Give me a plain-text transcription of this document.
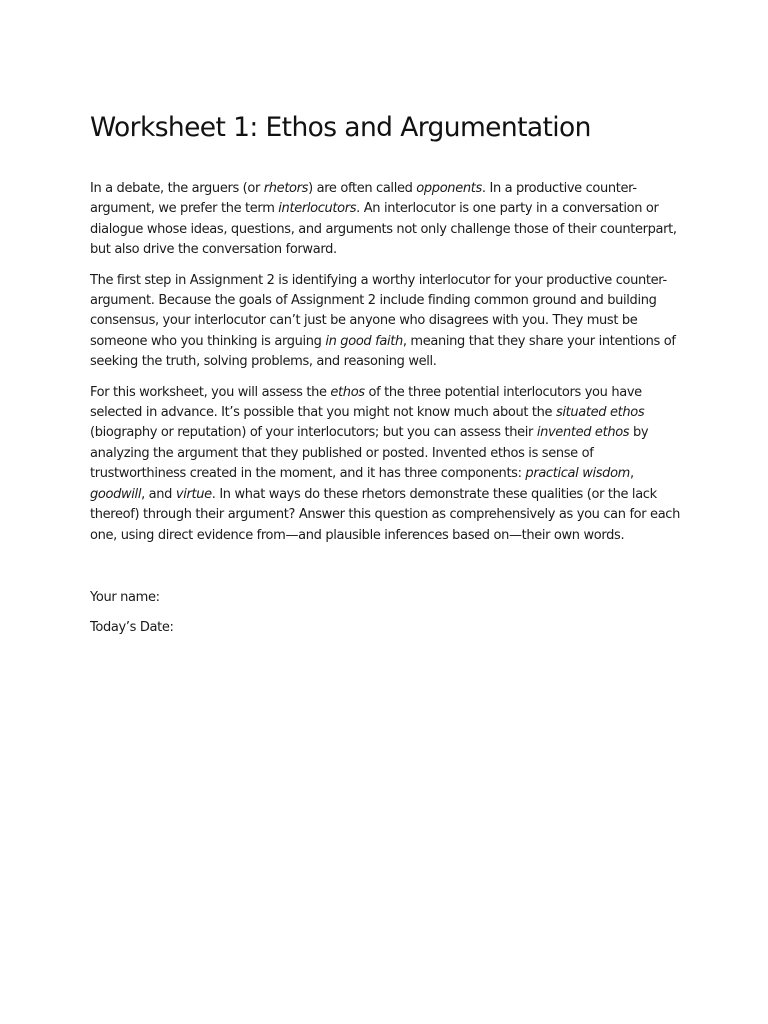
Worksheet 1: Ethos and Argumentation

In a debate, the arguers (or rhetors) are often called opponents. In a productive counter-argument, we prefer the term interlocutors. An interlocutor is one party in a conversation or dialogue whose ideas, questions, and arguments not only challenge those of their counterpart, but also drive the conversation forward.

The first step in Assignment 2 is identifying a worthy interlocutor for your productive counter-argument. Because the goals of Assignment 2 include finding common ground and building consensus, your interlocutor can’t just be anyone who disagrees with you. They must be someone who you thinking is arguing in good faith, meaning that they share your intentions of seeking the truth, solving problems, and reasoning well.

For this worksheet, you will assess the ethos of the three potential interlocutors you have selected in advance. It’s possible that you might not know much about the situated ethos (biography or reputation) of your interlocutors; but you can assess their invented ethos by analyzing the argument that they published or posted. Invented ethos is sense of trustworthiness created in the moment, and it has three components: practical wisdom, goodwill, and virtue. In what ways do these rhetors demonstrate these qualities (or the lack thereof) through their argument? Answer this question as comprehensively as you can for each one, using direct evidence from—and plausible inferences based on—their own words.

Your name:

Today’s Date:
